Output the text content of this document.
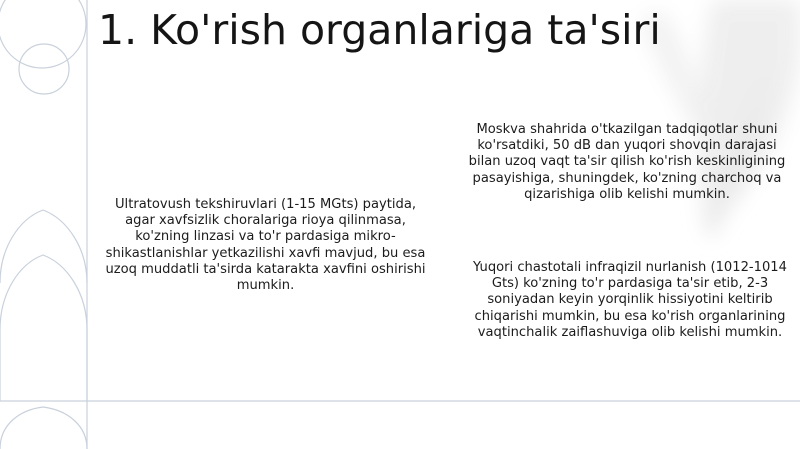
1. Ko'rish organlariga ta'siri

Ultratovush tekshiruvlari (1-15 MGts) paytida, agar xavfsizlik choralariga rioya qilinmasa, ko'zning linzasi va to'r pardasiga mikro-shikastlanishlar yetkazilishi xavfi mavjud, bu esa uzoq muddatli ta'sirda katarakta xavfini oshirishi mumkin.

Moskva shahrida o'tkazilgan tadqiqotlar shuni ko'rsatdiki, 50 dB dan yuqori shovqin darajasi bilan uzoq vaqt ta'sir qilish ko'rish keskinligining pasayishiga, shuningdek, ko'zning charchoq va qizarishiga olib kelishi mumkin.

Yuqori chastotali infraqizil nurlanish (1012-1014 Gts) ko'zning to'r pardasiga ta'sir etib, 2-3 soniyadan keyin yorqinlik hissiyotini keltirib chiqarishi mumkin, bu esa ko'rish organlarining vaqtinchalik zaiflashuviga olib kelishi mumkin.
